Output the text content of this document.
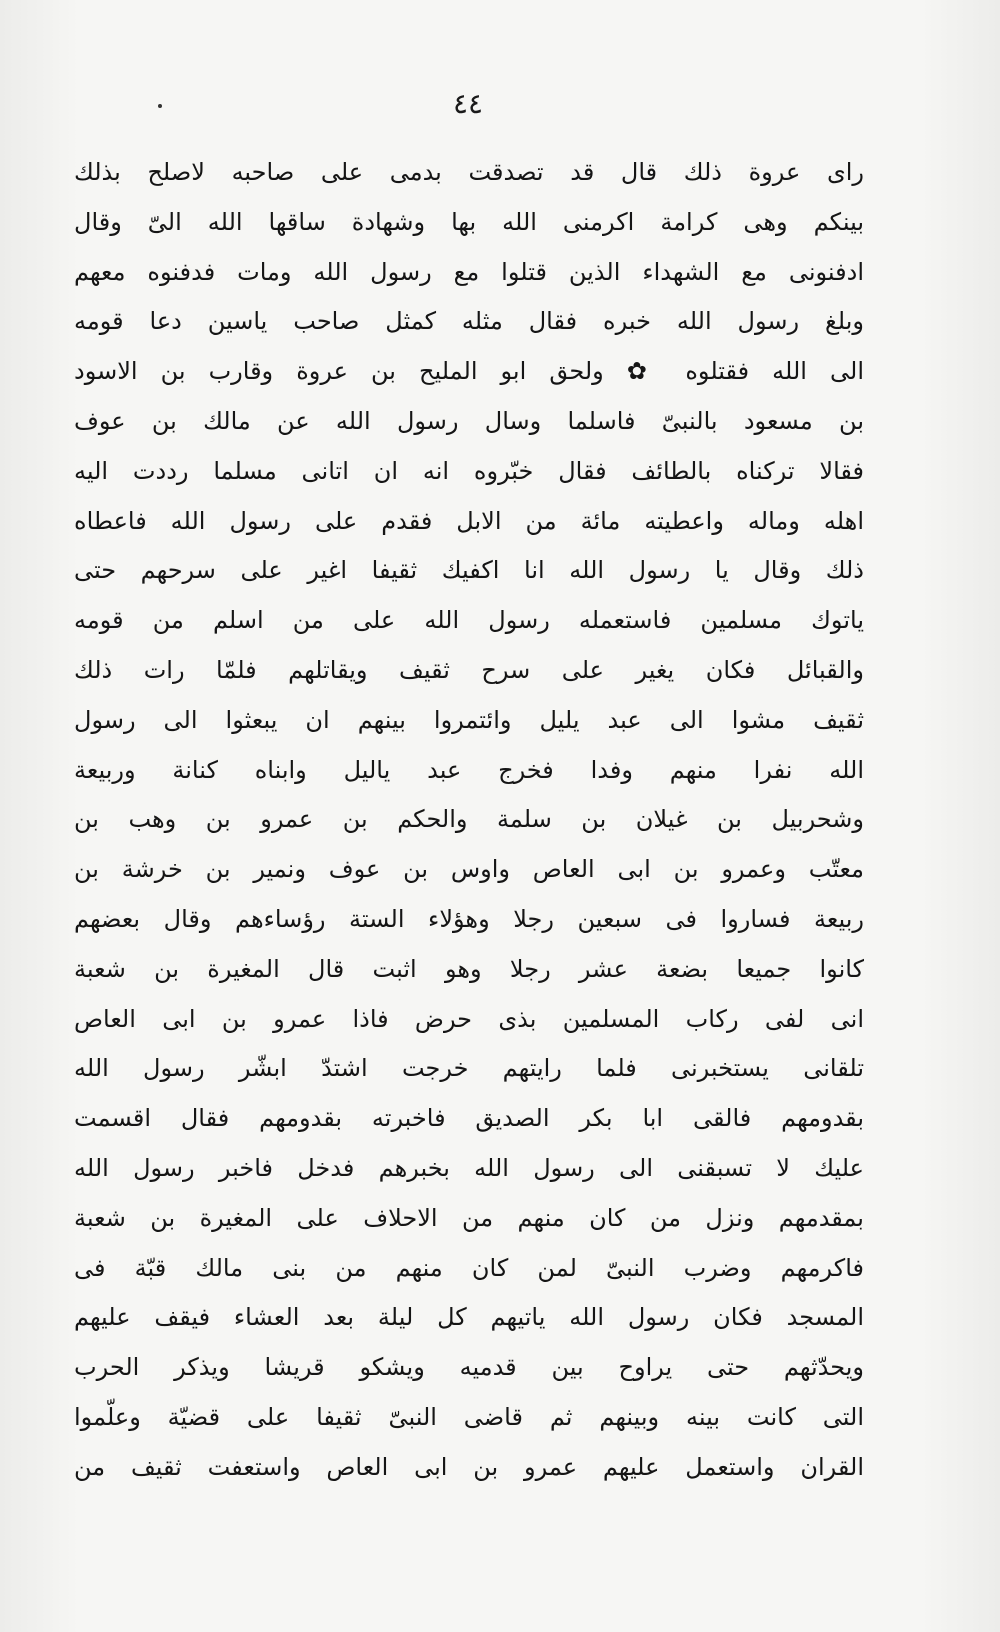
٤٤
راى عروة ذلك قال قد تصدقت بدمى على صاحبه لاصلح بذلك
بينكم وهى كرامة اكرمنى الله بها وشهادة ساقها الله الىّ وقال
ادفنونى مع الشهداء الذين قتلوا مع رسول الله ومات فدفنوه معهم
وبلغ رسول الله خبره فقال مثله كمثل صاحب ياسين دعا قومه
الى الله فقتلوه ✿ ولحق ابو المليح بن عروة وقارب بن الاسود
بن مسعود بالنبىّ فاسلما وسال رسول الله عن مالك بن عوف
فقالا تركناه بالطائف فقال خبّروه انه ان اتانى مسلما رددت اليه
اهله وماله واعطيته مائة من الابل فقدم على رسول الله فاعطاه
ذلك وقال يا رسول الله انا اكفيك ثقيفا اغير على سرحهم حتى
ياتوك مسلمين فاستعمله رسول الله على من اسلم من قومه
والقبائل فكان يغير على سرح ثقيف ويقاتلهم فلمّا رات ذلك
ثقيف مشوا الى عبد يليل وائتمروا بينهم ان يبعثوا الى رسول
الله نفرا منهم وفدا فخرج عبد ياليل وابناه كنانة وربيعة
وشحربيل بن غيلان بن سلمة والحكم بن عمرو بن وهب بن
معتّب وعمرو بن ابى العاص واوس بن عوف ونمير بن خرشة بن
ربيعة فساروا فى سبعين رجلا وهؤلاء الستة رؤساءهم وقال بعضهم
كانوا جميعا بضعة عشر رجلا وهو اثبت قال المغيرة بن شعبة
انى لفى ركاب المسلمين بذى حرض فاذا عمرو بن ابى العاص
تلقانى يستخبرنى فلما رايتهم خرجت اشتدّ ابشّر رسول الله
بقدومهم فالقى ابا بكر الصديق فاخبرته بقدومهم فقال اقسمت
عليك لا تسبقنى الى رسول الله بخبرهم فدخل فاخبر رسول الله
بمقدمهم ونزل من كان منهم من الاحلاف على المغيرة بن شعبة
فاكرمهم وضرب النبىّ لمن كان منهم من بنى مالك قبّة فى
المسجد فكان رسول الله ياتيهم كل ليلة بعد العشاء فيقف عليهم
ويحدّثهم حتى يراوح بين قدميه ويشكو قريشا ويذكر الحرب
التى كانت بينه وبينهم ثم قاضى النبىّ ثقيفا على قضيّة وعلّموا
القران واستعمل عليهم عمرو بن ابى العاص واستعفت ثقيف من
